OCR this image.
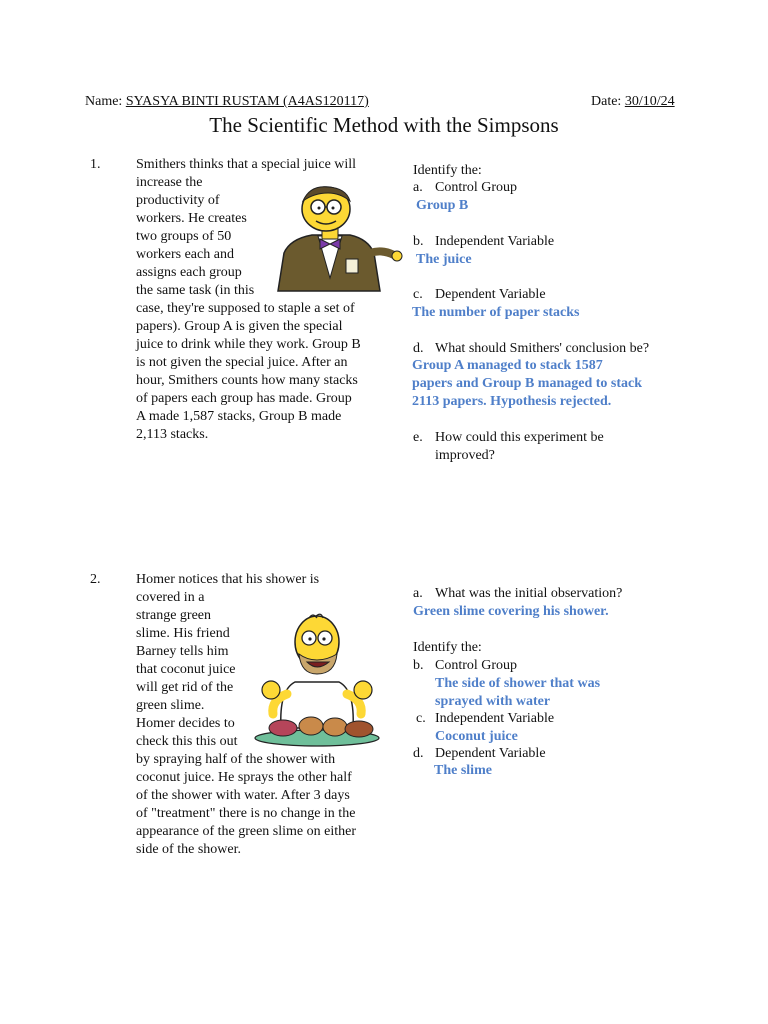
Name: SYASYA BINTI RUSTAM (A4AS120117)	Date: 30/10/24
The Scientific Method with the Simpsons
1.	Smithers thinks that a special juice will
increase the
productivity of
workers. He creates
two groups of 50
workers each and
assigns each group
the same task (in this
case, they're supposed to staple a set of
papers). Group A is given the special
juice to drink while they work. Group B
is not given the special juice. After an
hour, Smithers counts how many stacks
of papers each group has made. Group
A made 1,587 stacks, Group B made
2,113 stacks.
Identify the:
a. Control Group
Group B
b. Independent Variable
The juice
c. Dependent Variable
The number of paper stacks
d. What should Smithers' conclusion be?
Group A managed to stack 1587
papers and Group B managed to stack
2113 papers. Hypothesis rejected.
e. How could this experiment be
improved?
2.	Homer notices that his shower is
covered in a
strange green
slime. His friend
Barney tells him
that coconut juice
will get rid of the
green slime.
Homer decides to
check this this out
by spraying half of the shower with
coconut juice. He sprays the other half
of the shower with water. After 3 days
of "treatment" there is no change in the
appearance of the green slime on either
side of the shower.
a. What was the initial observation?
Green slime covering his shower.
Identify the:
b. Control Group
The side of shower that was
sprayed with water
c. Independent Variable
Coconut juice
d. Dependent Variable
The slime
